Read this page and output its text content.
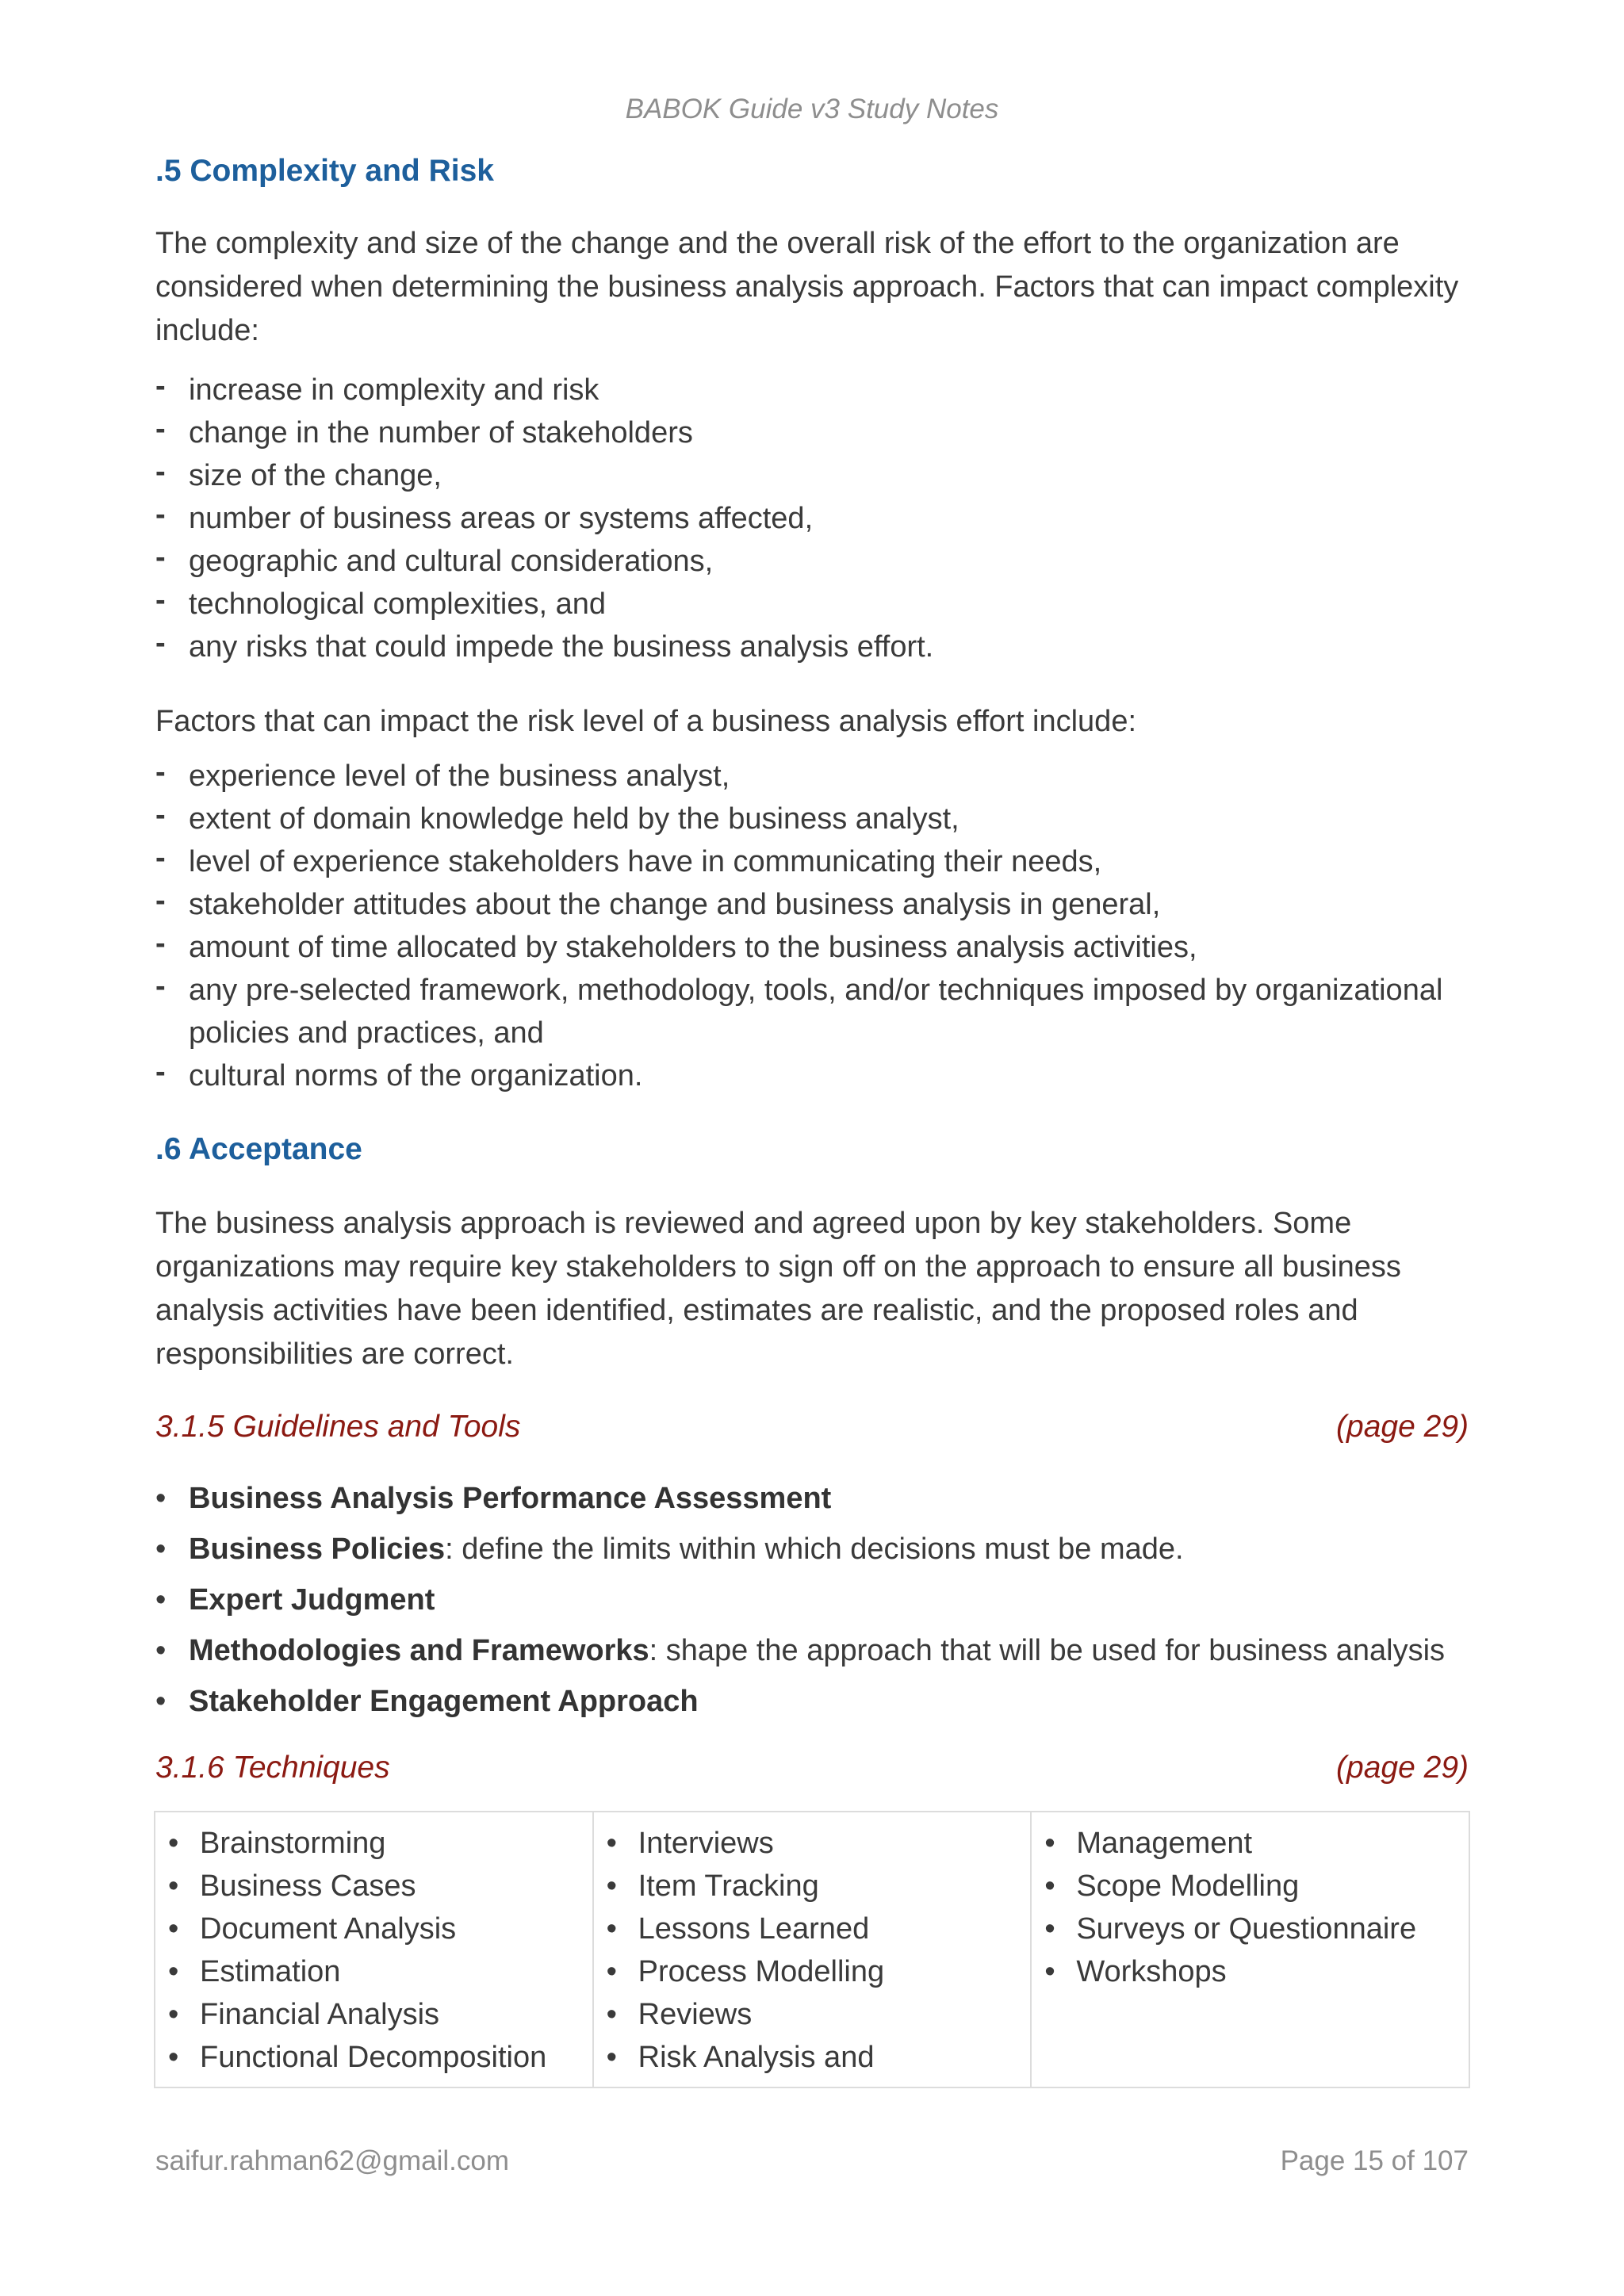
BABOK Guide v3 Study Notes
.5 Complexity and Risk

The complexity and size of the change and the overall risk of the effort to the organization are considered when determining the business analysis approach. Factors that can impact complexity include:

- increase in complexity and risk
- change in the number of stakeholders
- size of the change,
- number of business areas or systems affected,
- geographic and cultural considerations,
- technological complexities, and
- any risks that could impede the business analysis effort.

Factors that can impact the risk level of a business analysis effort include:

- experience level of the business analyst,
- extent of domain knowledge held by the business analyst,
- level of experience stakeholders have in communicating their needs,
- stakeholder attitudes about the change and business analysis in general,
- amount of time allocated by stakeholders to the business analysis activities,
- any pre-selected framework, methodology, tools, and/or techniques imposed by organizational policies and practices, and
- cultural norms of the organization.
.6 Acceptance

The business analysis approach is reviewed and agreed upon by key stakeholders. Some organizations may require key stakeholders to sign off on the approach to ensure all business analysis activities have been identified, estimates are realistic, and the proposed roles and responsibilities are correct.

3.1.5 Guidelines and Tools	(page 29)
• Business Analysis Performance Assessment
• Business Policies: define the limits within which decisions must be made.
• Expert Judgment
• Methodologies and Frameworks: shape the approach that will be used for business analysis
• Stakeholder Engagement Approach
3.1.6 Techniques	(page 29)
• Brainstorming
• Business Cases
• Document Analysis
• Estimation
• Financial Analysis
• Functional Decomposition

• Interviews
• Item Tracking
• Lessons Learned
• Process Modelling
• Reviews
• Risk Analysis and

• Management
• Scope Modelling
• Surveys or Questionnaire
• Workshops
saifur.rahman62@gmail.com	Page 15 of 107
